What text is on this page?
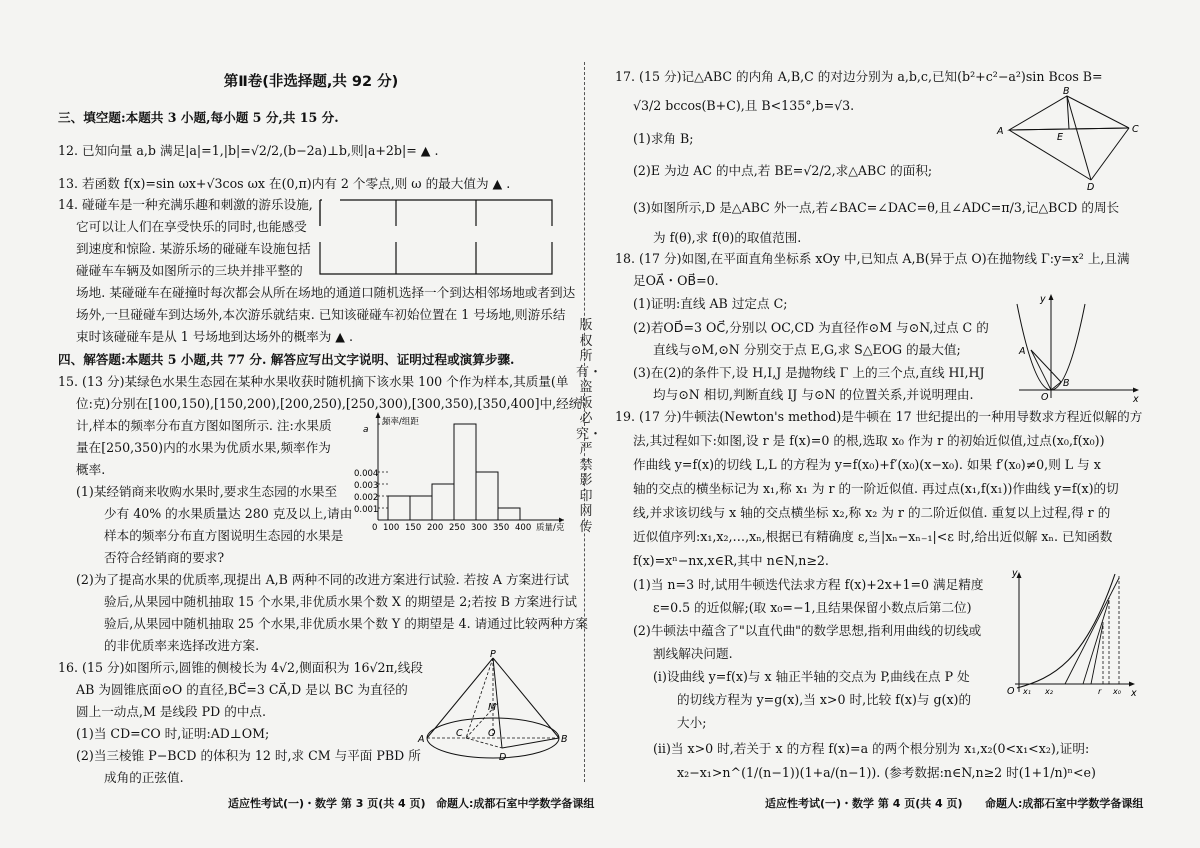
第Ⅱ卷(非选择题,共 92 分)
三、填空题:本题共 3 小题,每小题 5 分,共 15 分.
12. 已知向量 a,b 满足|a|=1,|b|=√2/2,(b−2a)⊥b,则|a+2b|= ▲ .
13. 若函数 f(x)=sin ωx+√3cos ωx 在(0,π)内有 2 个零点,则 ω 的最大值为 ▲ .
14. 碰碰车是一种充满乐趣和刺激的游乐设施,
它可以让人们在享受快乐的同时,也能感受
到速度和惊险. 某游乐场的碰碰车设施包括
碰碰车车辆及如图所示的三块并排平整的
场地. 某碰碰车在碰撞时每次都会从所在场地的通道口随机选择一个到达相邻场地或者到达
场外,一旦碰碰车到达场外,本次游乐就结束. 已知该碰碰车初始位置在 1 号场地,则游乐结
束时该碰碰车是从 1 号场地到达场外的概率为 ▲ .
四、解答题:本题共 5 小题,共 77 分. 解答应写出文字说明、证明过程或演算步骤.
15. (13 分)某绿色水果生态园在某种水果收获时随机摘下该水果 100 个作为样本,其质量(单
位:克)分别在[100,150),[150,200),[200,250),[250,300),[300,350),[350,400]中,经统
计,样本的频率分布直方图如图所示. 注:水果质
量在[250,350)内的水果为优质水果,频率作为
概率.
(1)某经销商来收购水果时,要求生态园的水果至
少有 40% 的水果质量达 280 克及以上,请由
样本的频率分布直方图说明生态园的水果是
否符合经销商的要求?
(2)为了提高水果的优质率,现提出 A,B 两种不同的改进方案进行试验. 若按 A 方案进行试
验后,从果园中随机抽取 15 个水果,非优质水果个数 X 的期望是 2;若按 B 方案进行试
验后,从果园中随机抽取 25 个水果,非优质水果个数 Y 的期望是 4. 请通过比较两种方案
的非优质率来选择改进方案.
频率/组距
a
0.004
0.003
0.002
0.001
0 100 150 200 250 300 350 400 质量/克
16. (15 分)如图所示,圆锥的侧棱长为 4√2,侧面积为 16√2π,线段
AB 为圆锥底面⊙O 的直径,BC⃗=3 CA⃗,D 是以 BC 为直径的
圆上一动点,M 是线段 PD 的中点.
(1)当 CD=CO 时,证明:AD⊥OM;
(2)当三棱锥 P−BCD 的体积为 12 时,求 CM 与平面 PBD 所
成角的正弦值.
P
M
A
C	O
D
B
适应性考试(一)・数学 第 3 页(共 4 页) 命题人:成都石室中学数学备课组
版权所有・盗版必究・严禁影印网传
17. (15 分)记△ABC 的内角 A,B,C 的对边分别为 a,b,c,已知(b²+c²−a²)sin Bcos B=
√3/2 bccos(B+C),且 B<135°,b=√3.
(1)求角 B;
(2)E 为边 AC 的中点,若 BE=√2/2,求△ABC 的面积;
(3)如图所示,D 是△ABC 外一点,若∠BAC=∠DAC=θ,且∠ADC=π/3,记△BCD 的周长
为 f(θ),求 f(θ)的取值范围.
A
B
C
D
E
18. (17 分)如图,在平面直角坐标系 xOy 中,已知点 A,B(异于点 O)在抛物线 Γ:y=x² 上,且满
足OA⃗・OB⃗=0.
(1)证明:直线 AB 过定点 C;
(2)若OD⃗=3 OC⃗,分别以 OC,CD 为直径作⊙M 与⊙N,过点 C 的
直线与⊙M,⊙N 分别交于点 E,G,求 S△EOG 的最大值;
(3)在(2)的条件下,设 H,I,J 是抛物线 Γ 上的三个点,直线 HI,HJ
均与⊙N 相切,判断直线 IJ 与⊙N 的位置关系,并说明理由.
y
x
O
A
B
19. (17 分)牛顿法(Newton's method)是牛顿在 17 世纪提出的一种用导数求方程近似解的方
法,其过程如下:如图,设 r 是 f(x)=0 的根,选取 x₀ 作为 r 的初始近似值,过点(x₀,f(x₀))
作曲线 y=f(x)的切线 L,L 的方程为 y=f(x₀)+f′(x₀)(x−x₀). 如果 f′(x₀)≠0,则 L 与 x
轴的交点的横坐标记为 x₁,称 x₁ 为 r 的一阶近似值. 再过点(x₁,f(x₁))作曲线 y=f(x)的切
线,并求该切线与 x 轴的交点横坐标 x₂,称 x₂ 为 r 的二阶近似值. 重复以上过程,得 r 的
近似值序列:x₁,x₂,…,xₙ,根据已有精确度 ε,当|xₙ−xₙ₋₁|<ε 时,给出近似解 xₙ. 已知函数
f(x)=xⁿ−nx,x∈R,其中 n∈N,n≥2.
(1)当 n=3 时,试用牛顿迭代法求方程 f(x)+2x+1=0 满足精度
ε=0.5 的近似解;(取 x₀=−1,且结果保留小数点后第二位)
(2)牛顿法中蕴含了"以直代曲"的数学思想,指利用曲线的切线或
割线解决问题.
(ⅰ)设曲线 y=f(x)与 x 轴正半轴的交点为 P,曲线在点 P 处
的切线方程为 y=g(x),当 x>0 时,比较 f(x)与 g(x)的
大小;
(ⅱ)当 x>0 时,若关于 x 的方程 f(x)=a 的两个根分别为 x₁,x₂(0<x₁<x₂),证明:
x₂−x₁>n^(1/(n−1))(1+a/(n−1)). (参考数据:n∈N,n≥2 时(1+1/n)ⁿ<e)
y
x
O x₁ x₂	r x₀
适应性考试(一)・数学 第 4 页(共 4 页) 命题人:成都石室中学数学备课组
